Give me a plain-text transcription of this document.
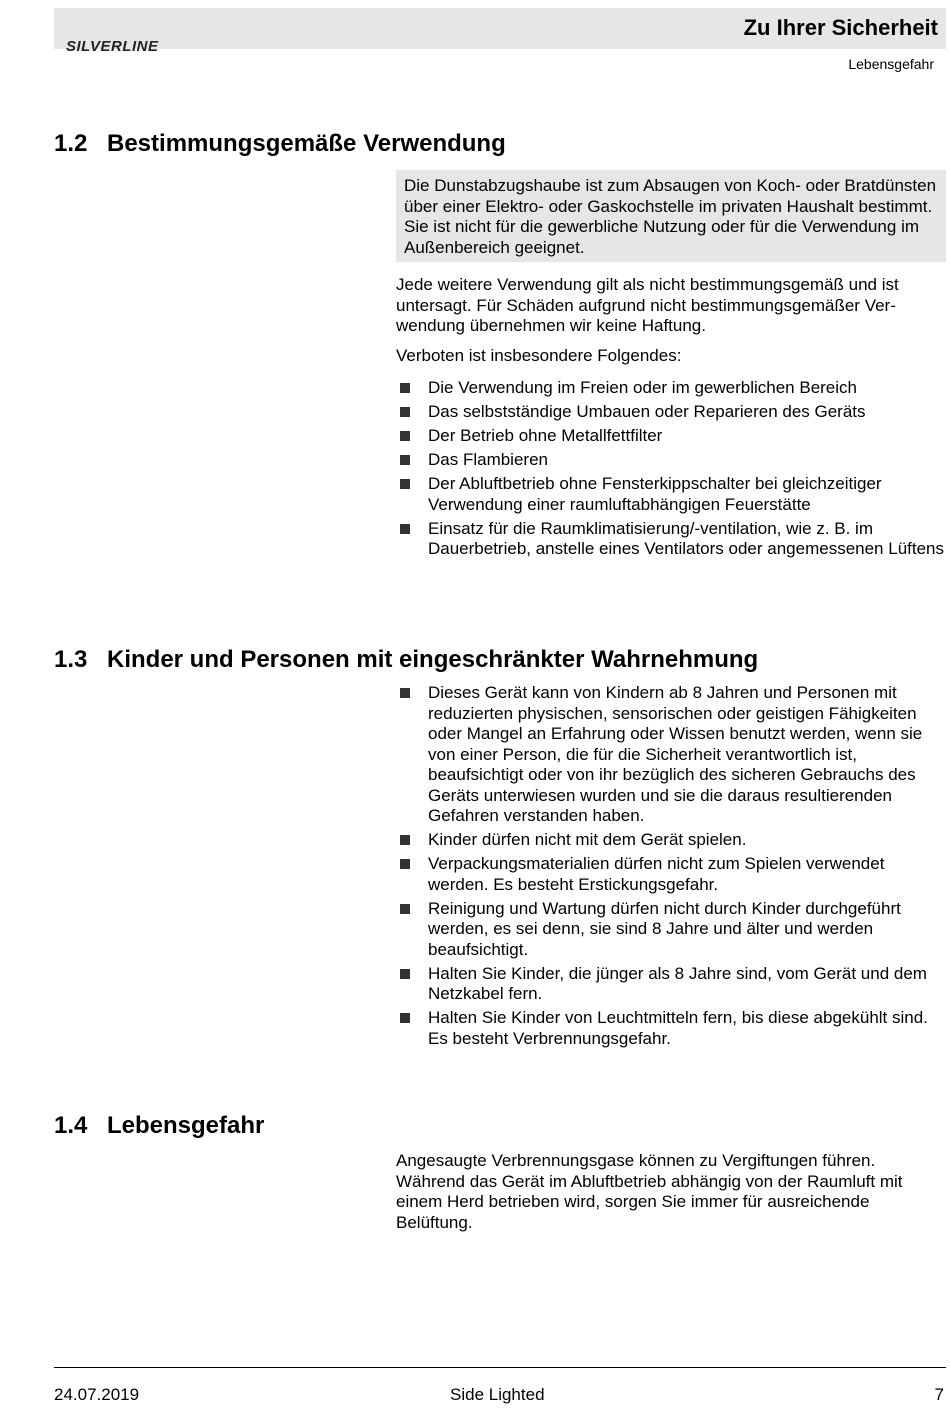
SILVERLINE
Zu Ihrer Sicherheit
Lebensgefahr
1.2 Bestimmungsgemäße Verwendung
Die Dunstabzugshaube ist zum Absaugen von Koch- oder Bratdünsten über einer Elektro- oder Gaskochstelle im privaten Haushalt bestimmt. Sie ist nicht für die gewerbliche Nutzung oder für die Verwendung im Außenbereich geeignet.
Jede weitere Verwendung gilt als nicht bestimmungsgemäß und ist untersagt. Für Schäden aufgrund nicht bestimmungsgemäßer Verwendung übernehmen wir keine Haftung.
Verboten ist insbesondere Folgendes:
Die Verwendung im Freien oder im gewerblichen Bereich
Das selbstständige Umbauen oder Reparieren des Geräts
Der Betrieb ohne Metallfettfilter
Das Flambieren
Der Abluftbetrieb ohne Fensterkippschalter bei gleichzeitiger Verwendung einer raumluftabhängigen Feuerstätte
Einsatz für die Raumklimatisierung/-ventilation, wie z. B. im Dauerbetrieb, anstelle eines Ventilators oder angemessenen Lüftens
1.3 Kinder und Personen mit eingeschränkter Wahrnehmung
Dieses Gerät kann von Kindern ab 8 Jahren und Personen mit reduzierten physischen, sensorischen oder geistigen Fähigkeiten oder Mangel an Erfahrung oder Wissen benutzt werden, wenn sie von einer Person, die für die Sicherheit verantwortlich ist, beaufsichtigt oder von ihr bezüglich des sicheren Gebrauchs des Geräts unterwiesen wurden und sie die daraus resultierenden Gefahren verstanden haben.
Kinder dürfen nicht mit dem Gerät spielen.
Verpackungsmaterialien dürfen nicht zum Spielen verwendet werden. Es besteht Erstickungsgefahr.
Reinigung und Wartung dürfen nicht durch Kinder durchgeführt werden, es sei denn, sie sind 8 Jahre und älter und werden beaufsichtigt.
Halten Sie Kinder, die jünger als 8 Jahre sind, vom Gerät und dem Netzkabel fern.
Halten Sie Kinder von Leuchtmitteln fern, bis diese abgekühlt sind. Es besteht Verbrennungsgefahr.
1.4 Lebensgefahr
Angesaugte Verbrennungsgase können zu Vergiftungen führen. Während das Gerät im Abluftbetrieb abhängig von der Raumluft mit einem Herd betrieben wird, sorgen Sie immer für ausreichende Belüftung.
24.07.2019	Side Lighted	7
